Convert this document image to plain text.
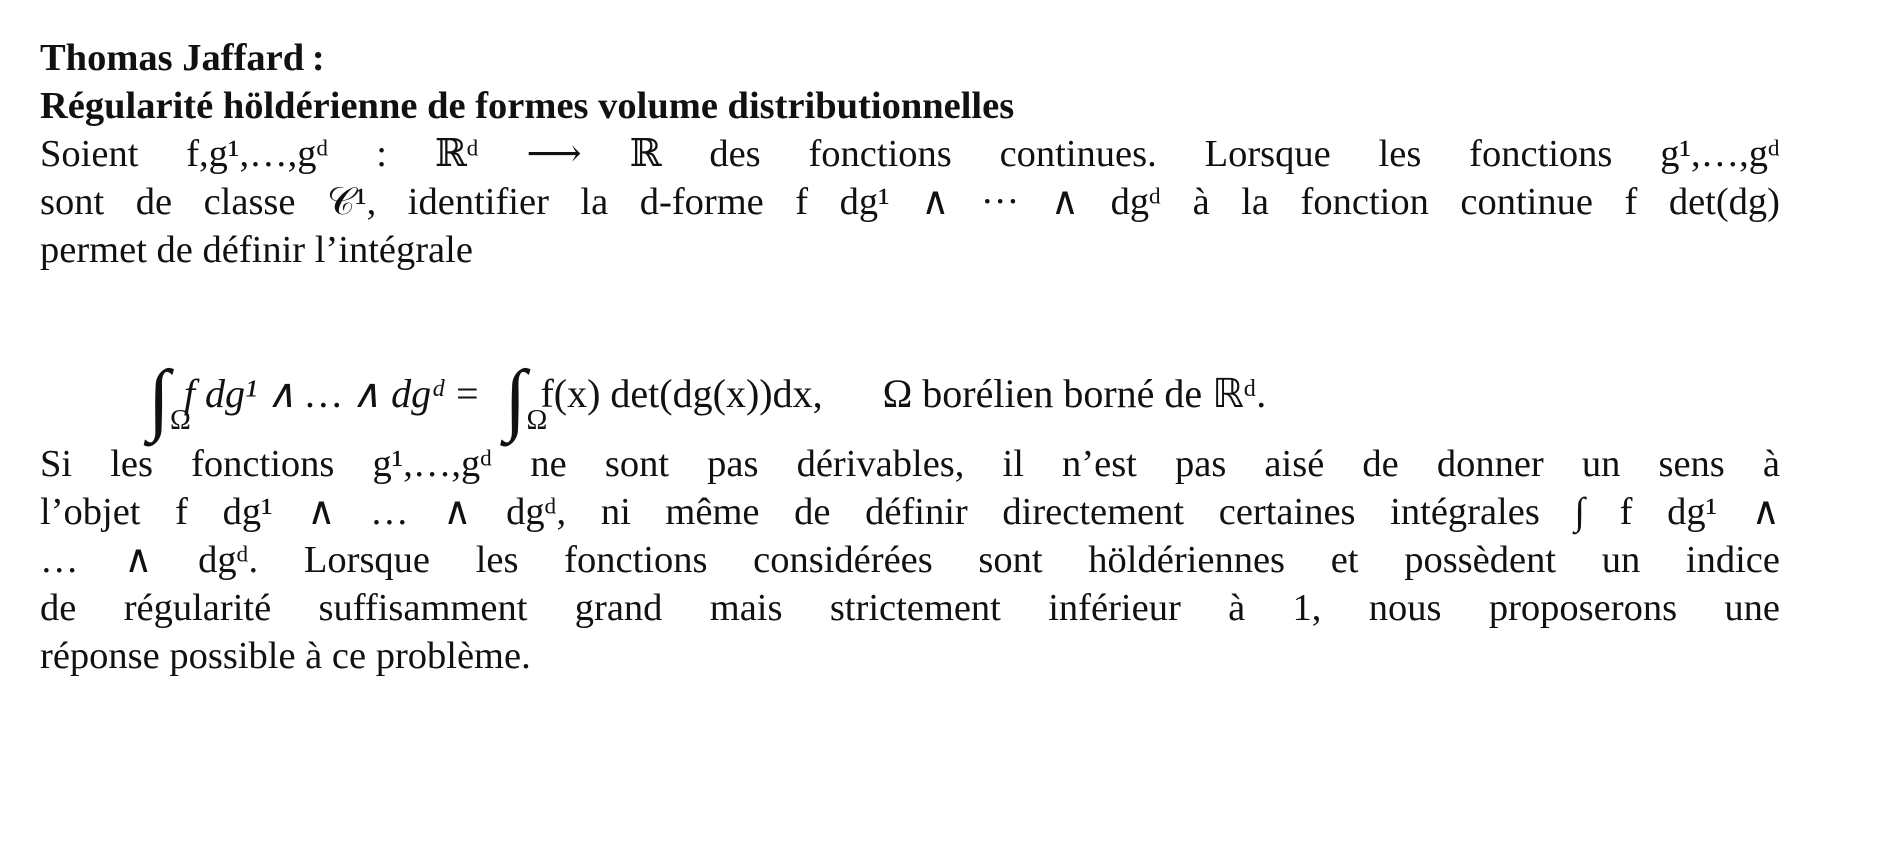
Thomas Jaffard :
Régularité höldérienne de formes volume distributionnelles
Soient f,g¹,…,gᵈ : ℝᵈ ⟶ ℝ des fonctions continues. Lorsque les fonctions g¹,…,gᵈ
sont de classe 𝒞¹, identifier la d-forme f dg¹ ∧ ··· ∧ dgᵈ à la fonction continue f det(dg)
permet de définir l’intégrale
Si les fonctions g¹,…,gᵈ ne sont pas dérivables, il n’est pas aisé de donner un sens à
l’objet f dg¹ ∧ … ∧ dgᵈ, ni même de définir directement certaines intégrales ∫ f dg¹ ∧
… ∧ dgᵈ. Lorsque les fonctions considérées sont höldériennes et possèdent un indice
de régularité suffisamment grand mais strictement inférieur à 1, nous proposerons une
réponse possible à ce problème.
∫ Ω
f dg¹ ∧ … ∧ dgᵈ = ∫ Ω
f(x) det(dg(x))dx, Ω borélien borné de ℝᵈ.
